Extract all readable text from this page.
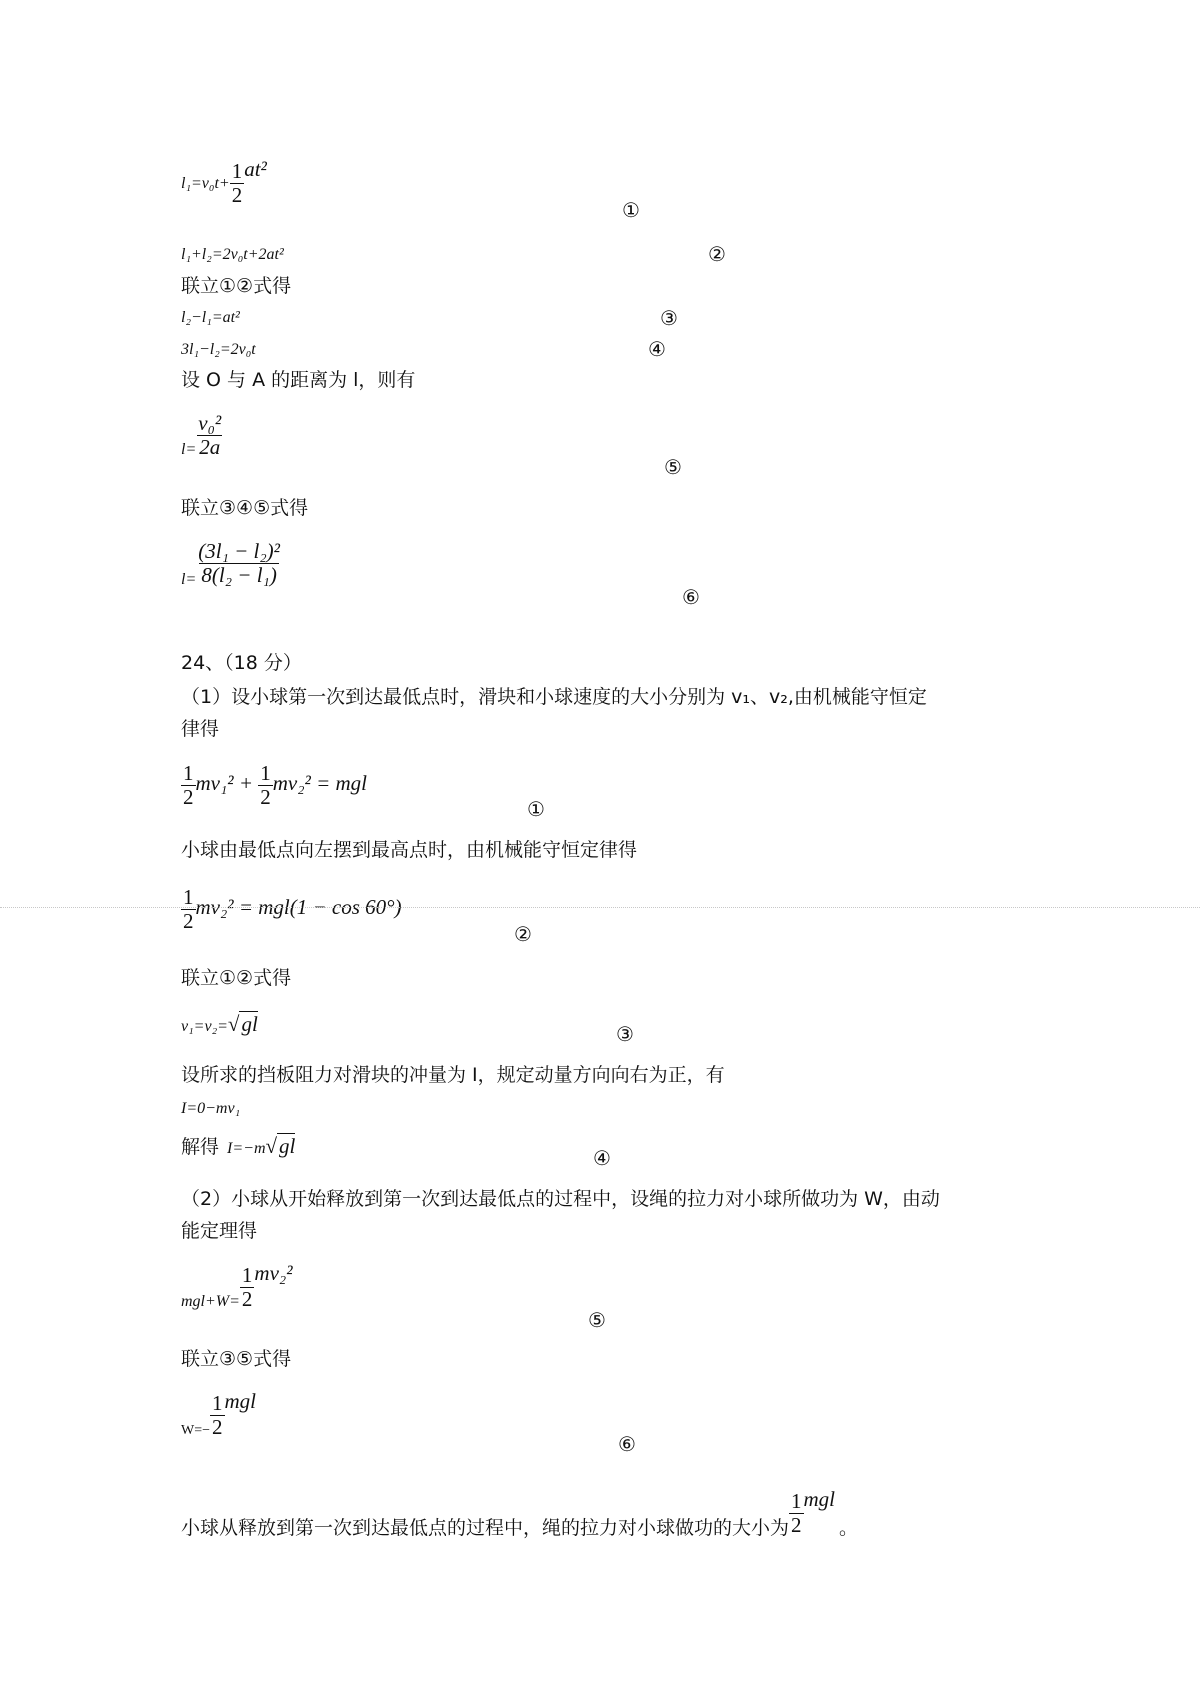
$l_1=v_0t+ \frac{1}{2} at^2$
①
l₁+l₂=2v₀t+2at²	②
联立①②式得
l₂−l₁=at²	③
3l₁−l₂=2v₀t	④
设 O 与 A 的距离为 l，则有
$l= \frac{\text{v₀²}}{2a}$
⑤
联立③④⑤式得
$l= \frac{\text{(3l₁ − l₂)²}}{\text{8(l₂ − l₁)}}$
⑥
24、（18 分）
（1）设小球第一次到达最低点时，滑块和小球速度的大小分别为 v₁、v₂,由机械能守恒定
律得
$\frac{1}{2} mv_1^2 + \frac{1}{2} mv_2^2$ = mgl
①
小球由最低点向左摆到最高点时，由机械能守恒定律得
$\frac{1}{2} mv_2^2 = mgl(1 - \cos 60^\circ)$
②
联立①②式得
v₁=v₂=√gl	③
设所求的挡板阻力对滑块的冲量为 I，规定动量方向向右为正，有
I=0−mv₁
解得 I=−m√gl	④
（2）小球从开始释放到第一次到达最低点的过程中，设绳的拉力对小球所做功为 W，由动
能定理得
$mgl+W= \frac{1}{2} mv_2^2$
⑤
联立③⑤式得
$W=- \frac{1}{2}$ mgl
⑥
小球从释放到第一次到达最低点的过程中，绳的拉力对小球做功的大小为 $\frac{1}{2}$ mgl。
